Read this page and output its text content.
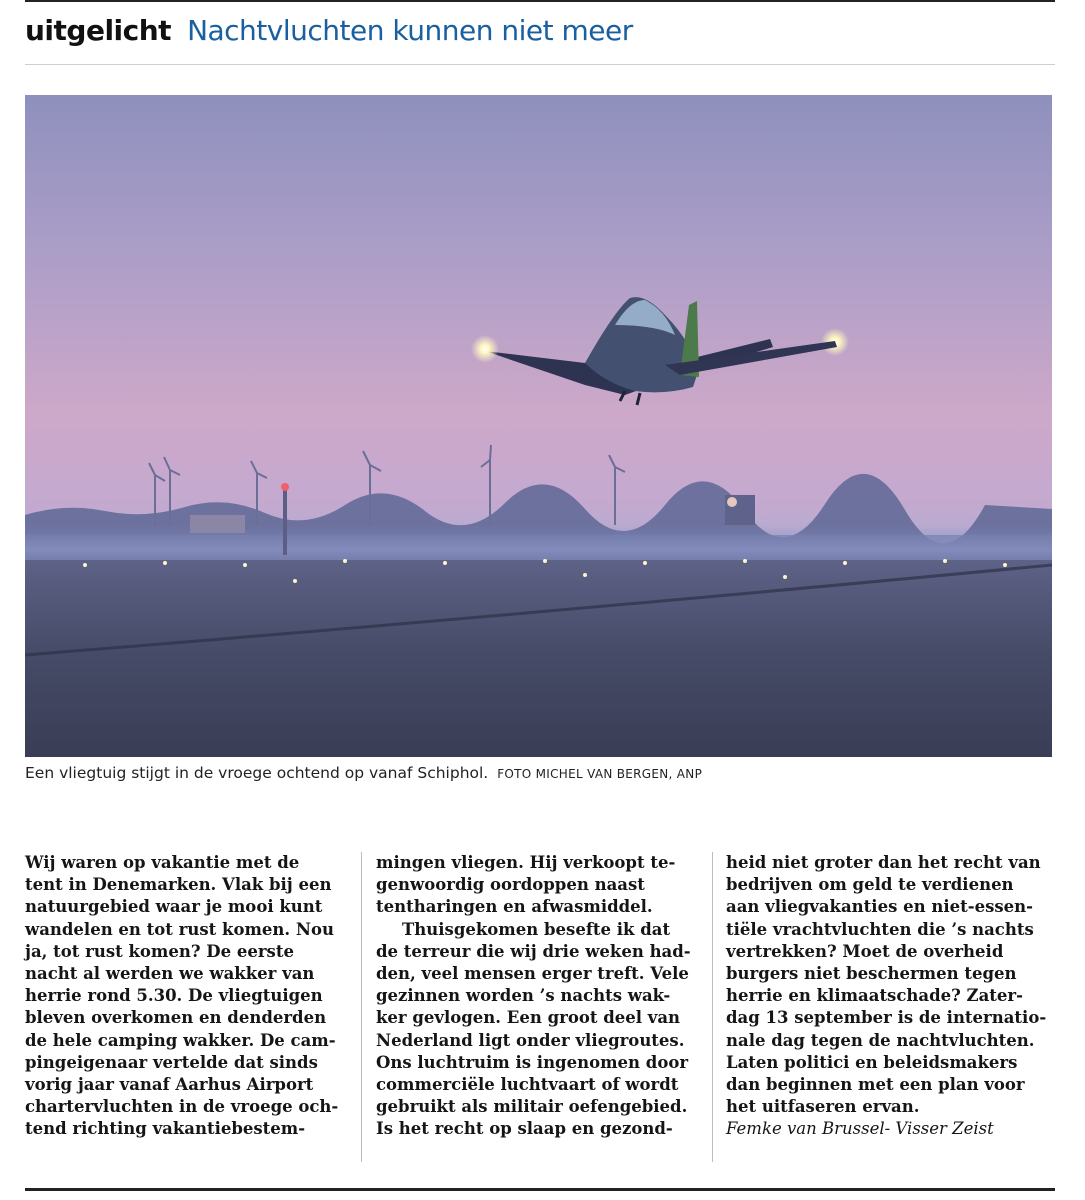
uitgelicht Nachtvluchten kunnen niet meer
Een vliegtuig stijgt in de vroege ochtend op vanaf Schiphol. FOTO MICHEL VAN BERGEN, ANP
Wij waren op vakantie met de
tent in Denemarken. Vlak bij een
natuurgebied waar je mooi kunt
wandelen en tot rust komen. Nou
ja, tot rust komen? De eerste
nacht al werden we wakker van
herrie rond 5.30. De vliegtuigen
bleven overkomen en denderden
de hele camping wakker. De cam-
pingeigenaar vertelde dat sinds
vorig jaar vanaf Aarhus Airport
chartervluchten in de vroege och-
tend richting vakantiebestem-
mingen vliegen. Hij verkoopt te-
genwoordig oordoppen naast
tentharingen en afwasmiddel.
Thuisgekomen besefte ik dat
de terreur die wij drie weken had-
den, veel mensen erger treft. Vele
gezinnen worden ’s nachts wak-
ker gevlogen. Een groot deel van
Nederland ligt onder vliegroutes.
Ons luchtruim is ingenomen door
commerciële luchtvaart of wordt
gebruikt als militair oefengebied.
Is het recht op slaap en gezond-
heid niet groter dan het recht van
bedrijven om geld te verdienen
aan vliegvakanties en niet-essen-
tiële vrachtvluchten die ’s nachts
vertrekken? Moet de overheid
burgers niet beschermen tegen
herrie en klimaatschade? Zater-
dag 13 september is de internatio-
nale dag tegen de nachtvluchten.
Laten politici en beleidsmakers
dan beginnen met een plan voor
het uitfaseren ervan.
Femke van Brussel- Visser Zeist
